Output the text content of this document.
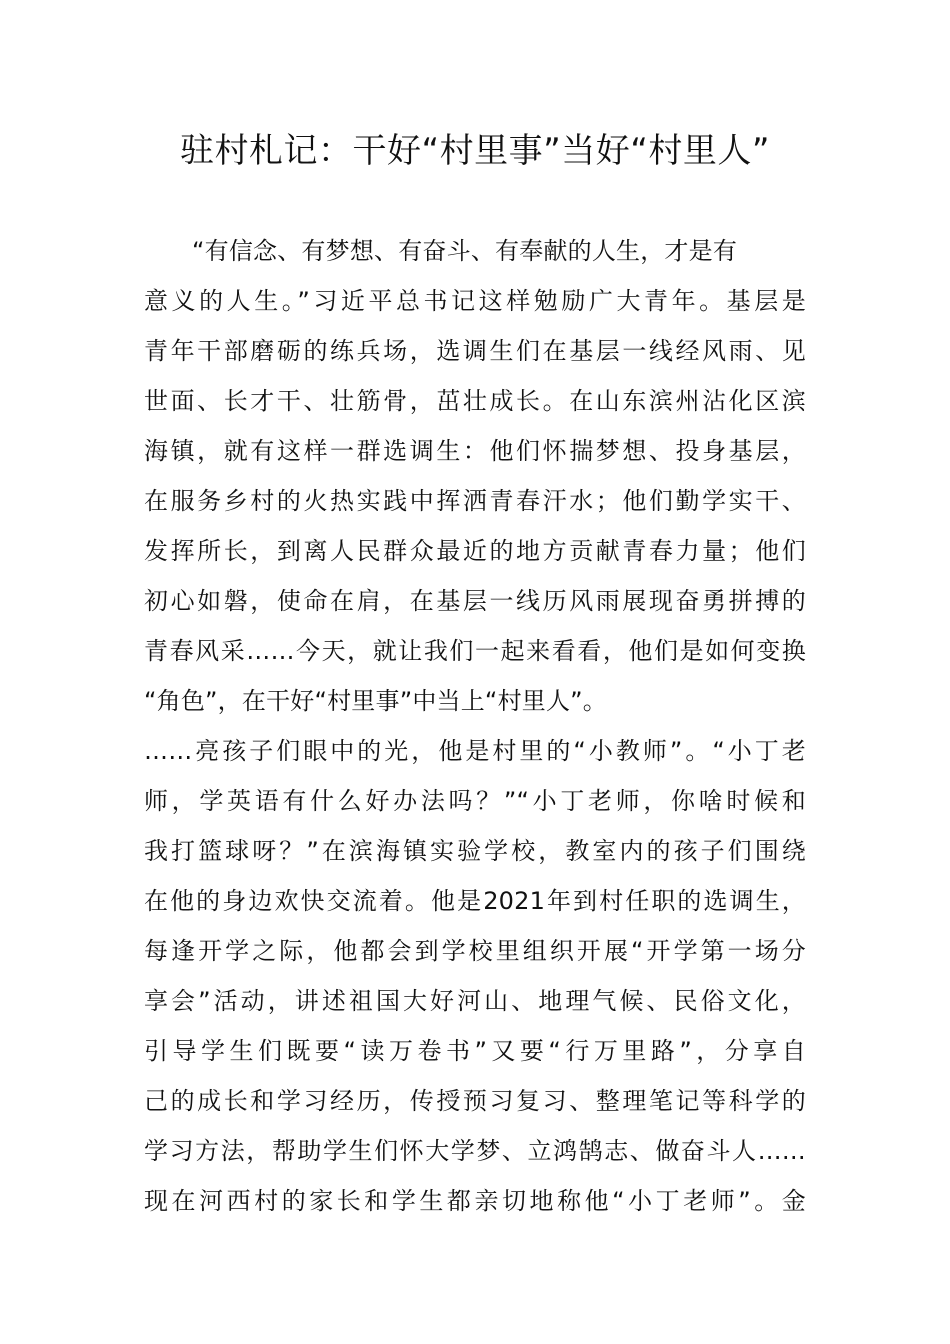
驻村札记：干好“村里事”当好“村里人”
“有信念、有梦想、有奋斗、有奉献的人生，才是有
意义的人生。”习近平总书记这样勉励广大青年。基层是
青年干部磨砺的练兵场，选调生们在基层一线经风雨、见
世面、长才干、壮筋骨，茁壮成长。在山东滨州沾化区滨
海镇，就有这样一群选调生：他们怀揣梦想、投身基层，
在服务乡村的火热实践中挥洒青春汗水；他们勤学实干、
发挥所长，到离人民群众最近的地方贡献青春力量；他们
初心如磐，使命在肩，在基层一线历风雨展现奋勇拼搏的
青春风采……今天，就让我们一起来看看，他们是如何变换
“角色”，在干好“村里事”中当上“村里人”。
……亮孩子们眼中的光，他是村里的“小教师”。“小丁老
师，学英语有什么好办法吗？”“小丁老师，你啥时候和
我打篮球呀？”在滨海镇实验学校，教室内的孩子们围绕
在他的身边欢快交流着。他是2021年到村任职的选调生，
每逢开学之际，他都会到学校里组织开展“开学第一场分
享会”活动，讲述祖国大好河山、地理气候、民俗文化，
引导学生们既要“读万卷书”又要“行万里路”，分享自
己的成长和学习经历，传授预习复习、整理笔记等科学的
学习方法，帮助学生们怀大学梦、立鸿鹄志、做奋斗人……
现在河西村的家长和学生都亲切地称他“小丁老师”。金
